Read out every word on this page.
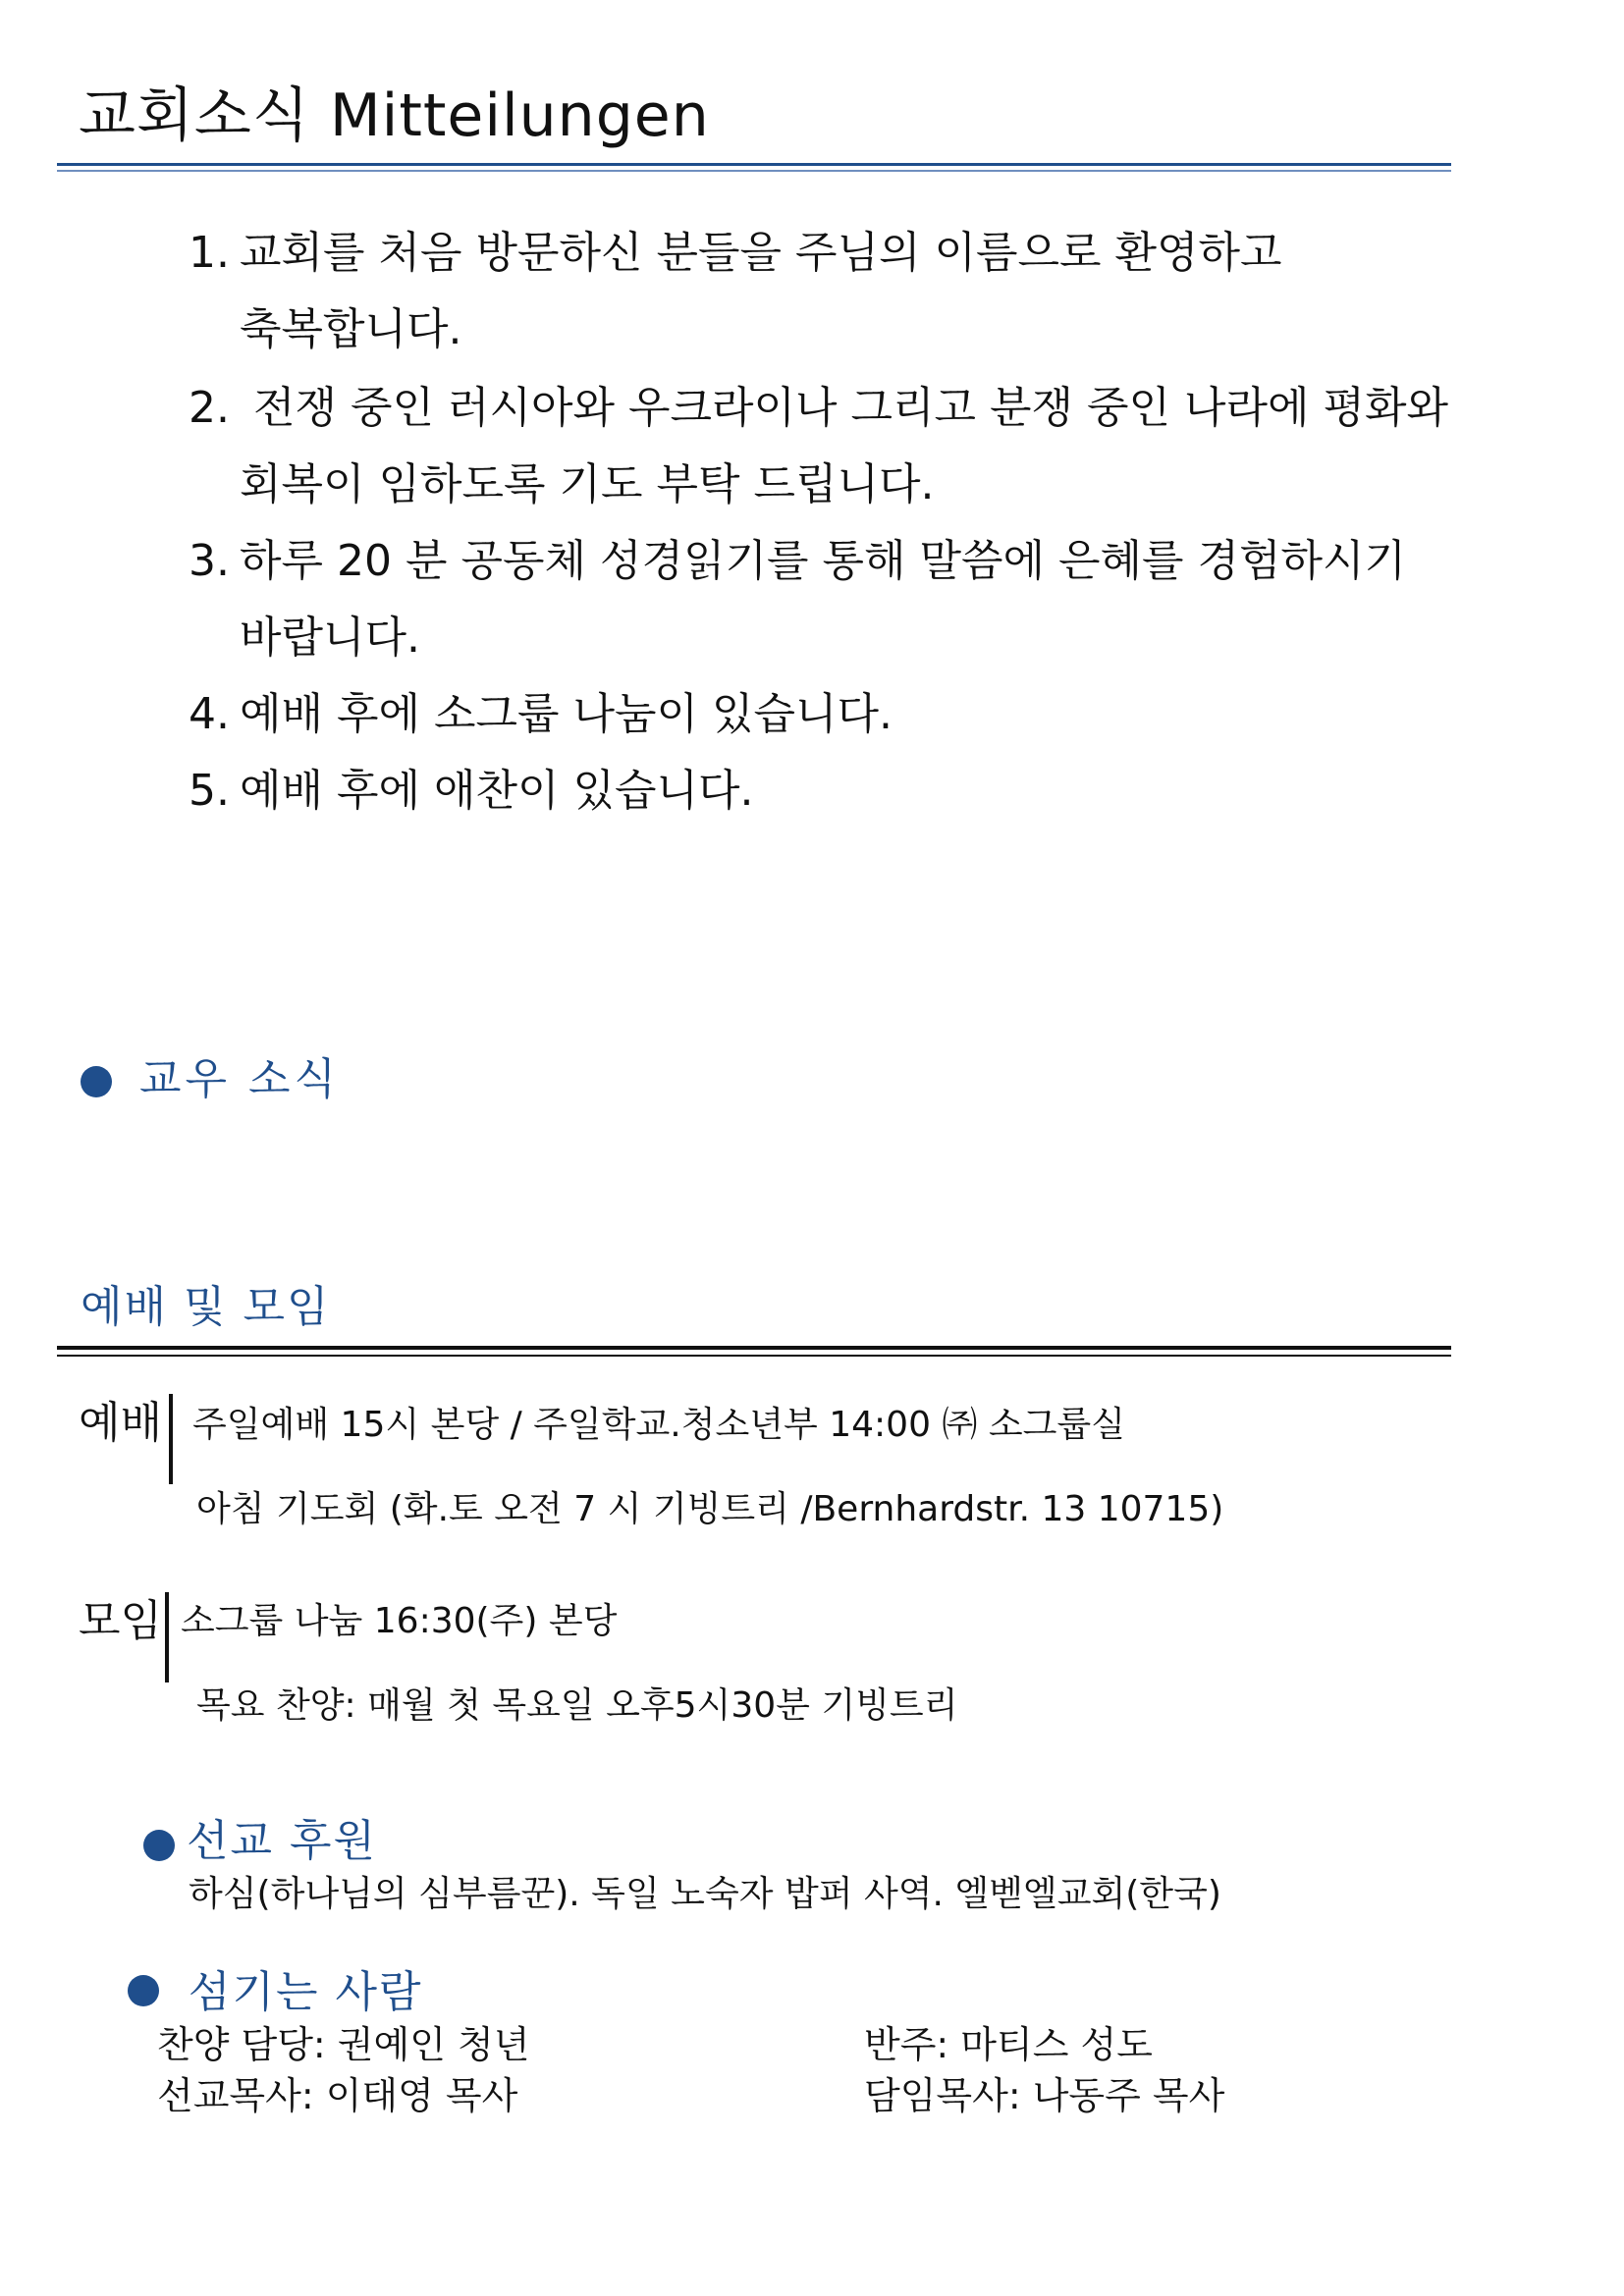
교회소식 Mitteilungen
1. 교회를 처음 방문하신 분들을 주님의 이름으로 환영하고
축복합니다.
2. 전쟁 중인 러시아와 우크라이나 그리고 분쟁 중인 나라에 평화와
회복이 임하도록 기도 부탁 드립니다.
3. 하루 20 분 공동체 성경읽기를 통해 말씀에 은혜를 경험하시기
바랍니다.
4. 예배 후에 소그룹 나눔이 있습니다.
5. 예배 후에 애찬이 있습니다.
교우 소식
예배 및 모임
예배 주일예배 15시 본당 / 주일학교.청소년부 14:00 ㈜ 소그룹실
아침 기도회 (화.토 오전 7 시 기빙트리 /Bernhardstr. 13 10715)
모임 소그룹 나눔 16:30(주) 본당
목요 찬양: 매월 첫 목요일 오후5시30분 기빙트리
선교 후원
하심(하나님의 심부름꾼). 독일 노숙자 밥퍼 사역. 엘벧엘교회(한국)
섬기는 사람
찬양 담당: 권예인 청년	반주: 마티스 성도
선교목사: 이태영 목사	담임목사: 나동주 목사
